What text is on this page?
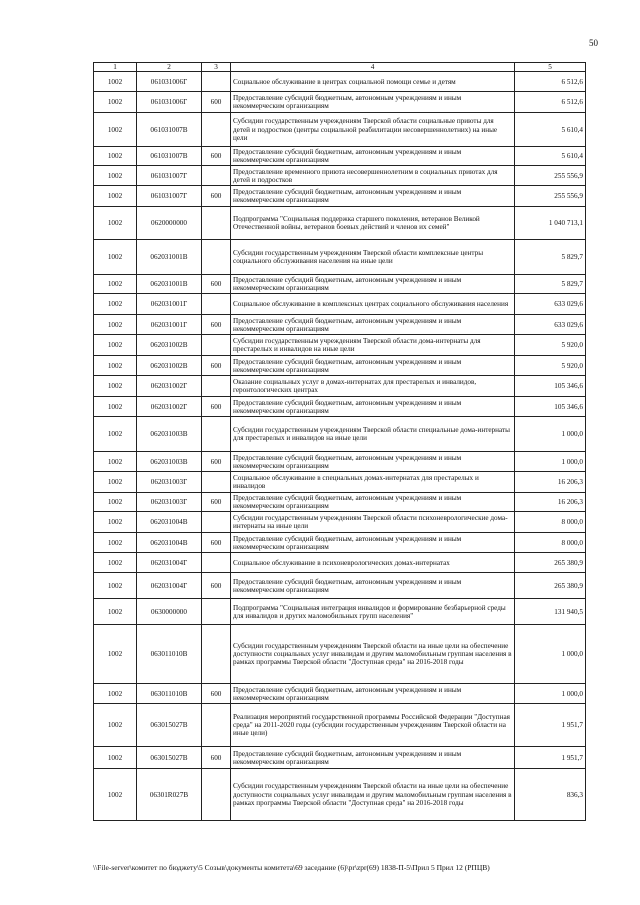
50
1	2	3	4	5
1002	061031006Г		Социальное обслуживание в центрах социальной помощи семье и детям	6 512,6
1002	061031006Г	600	Предоставление субсидий бюджетным, автономным учреждениям и иным некоммерческим организациям	6 512,6
1002	061031007В		Субсидии государственным учреждениям Тверской области социальные приюты для детей и подростков (центры социальной реабилитации несовершеннолетних) на иные цели	5 610,4
1002	061031007В	600	Предоставление субсидий бюджетным, автономным учреждениям и иным некоммерческим организациям	5 610,4
1002	061031007Г		Предоставление временного приюта несовершеннолетним в социальных приютах для детей и подростков	255 556,9
1002	061031007Г	600	Предоставление субсидий бюджетным, автономным учреждениям и иным некоммерческим организациям	255 556,9
1002	0620000000		Подпрограмма "Социальная поддержка старшего поколения, ветеранов Великой Отечественной войны, ветеранов боевых действий и членов их семей"	1 040 713,1
1002	062031001В		Субсидии государственным учреждениям Тверской области комплексные центры социального обслуживания населения на иные цели	5 829,7
1002	062031001В	600	Предоставление субсидий бюджетным, автономным учреждениям и иным некоммерческим организациям	5 829,7
1002	062031001Г		Социальное обслуживание в комплексных центрах социального обслуживания населения	633 029,6
1002	062031001Г	600	Предоставление субсидий бюджетным, автономным учреждениям и иным некоммерческим организациям	633 029,6
1002	062031002В		Субсидии государственным учреждениям Тверской области дома-интернаты для престарелых и инвалидов на иные цели	5 920,0
1002	062031002В	600	Предоставление субсидий бюджетным, автономным учреждениям и иным некоммерческим организациям	5 920,0
1002	062031002Г		Оказание социальных услуг в домах-интернатах для престарелых и инвалидов, геронтологических центрах	105 346,6
1002	062031002Г	600	Предоставление субсидий бюджетным, автономным учреждениям и иным некоммерческим организациям	105 346,6
1002	062031003В		Субсидии государственным учреждениям Тверской области специальные дома-интернаты для престарелых и инвалидов на иные цели	1 000,0
1002	062031003В	600	Предоставление субсидий бюджетным, автономным учреждениям и иным некоммерческим организациям	1 000,0
1002	062031003Г		Социальное обслуживание в специальных домах-интернатах для престарелых и инвалидов	16 206,3
1002	062031003Г	600	Предоставление субсидий бюджетным, автономным учреждениям и иным некоммерческим организациям	16 206,3
1002	062031004В		Субсидии государственным учреждениям Тверской области психоневрологические дома-интернаты на иные цели	8 000,0
1002	062031004В	600	Предоставление субсидий бюджетным, автономным учреждениям и иным некоммерческим организациям	8 000,0
1002	062031004Г		Социальное обслуживание в психоневрологических домах-интернатах	265 380,9
1002	062031004Г	600	Предоставление субсидий бюджетным, автономным учреждениям и иным некоммерческим организациям	265 380,9
1002	0630000000		Подпрограмма "Социальная интеграция инвалидов и формирование безбарьерной среды для инвалидов и других маломобильных групп населения"	131 940,5
1002	063011010В		Субсидии государственным учреждениям Тверской области на иные цели на обеспечение доступности социальных услуг инвалидам и другим маломобильным группам населения в рамках программы Тверской области "Доступная среда" на 2016-2018 годы	1 000,0
1002	063011010В	600	Предоставление субсидий бюджетным, автономным учреждениям и иным некоммерческим организациям	1 000,0
1002	063015027В		Реализация мероприятий государственной программы Российской Федерации "Доступная среда" на 2011-2020 годы (субсидии государственным учреждениям Тверской области на иные цели)	1 951,7
1002	063015027В	600	Предоставление субсидий бюджетным, автономным учреждениям и иным некоммерческим организациям	1 951,7
1002	06301R027В		Субсидии государственным учреждениям Тверской области на иные цели на обеспечение доступности социальных услуг инвалидам и другим маломобильным группам населения в рамках программы Тверской области "Доступная среда" на 2016-2018 годы	836,3
\\File-server\комитет по бюджету\5 Созыв\документы комитета\69 заседание (6)\pr\zpr(69) 1838-П-5\Прил 5 Прил 12 (РПЦВ)
